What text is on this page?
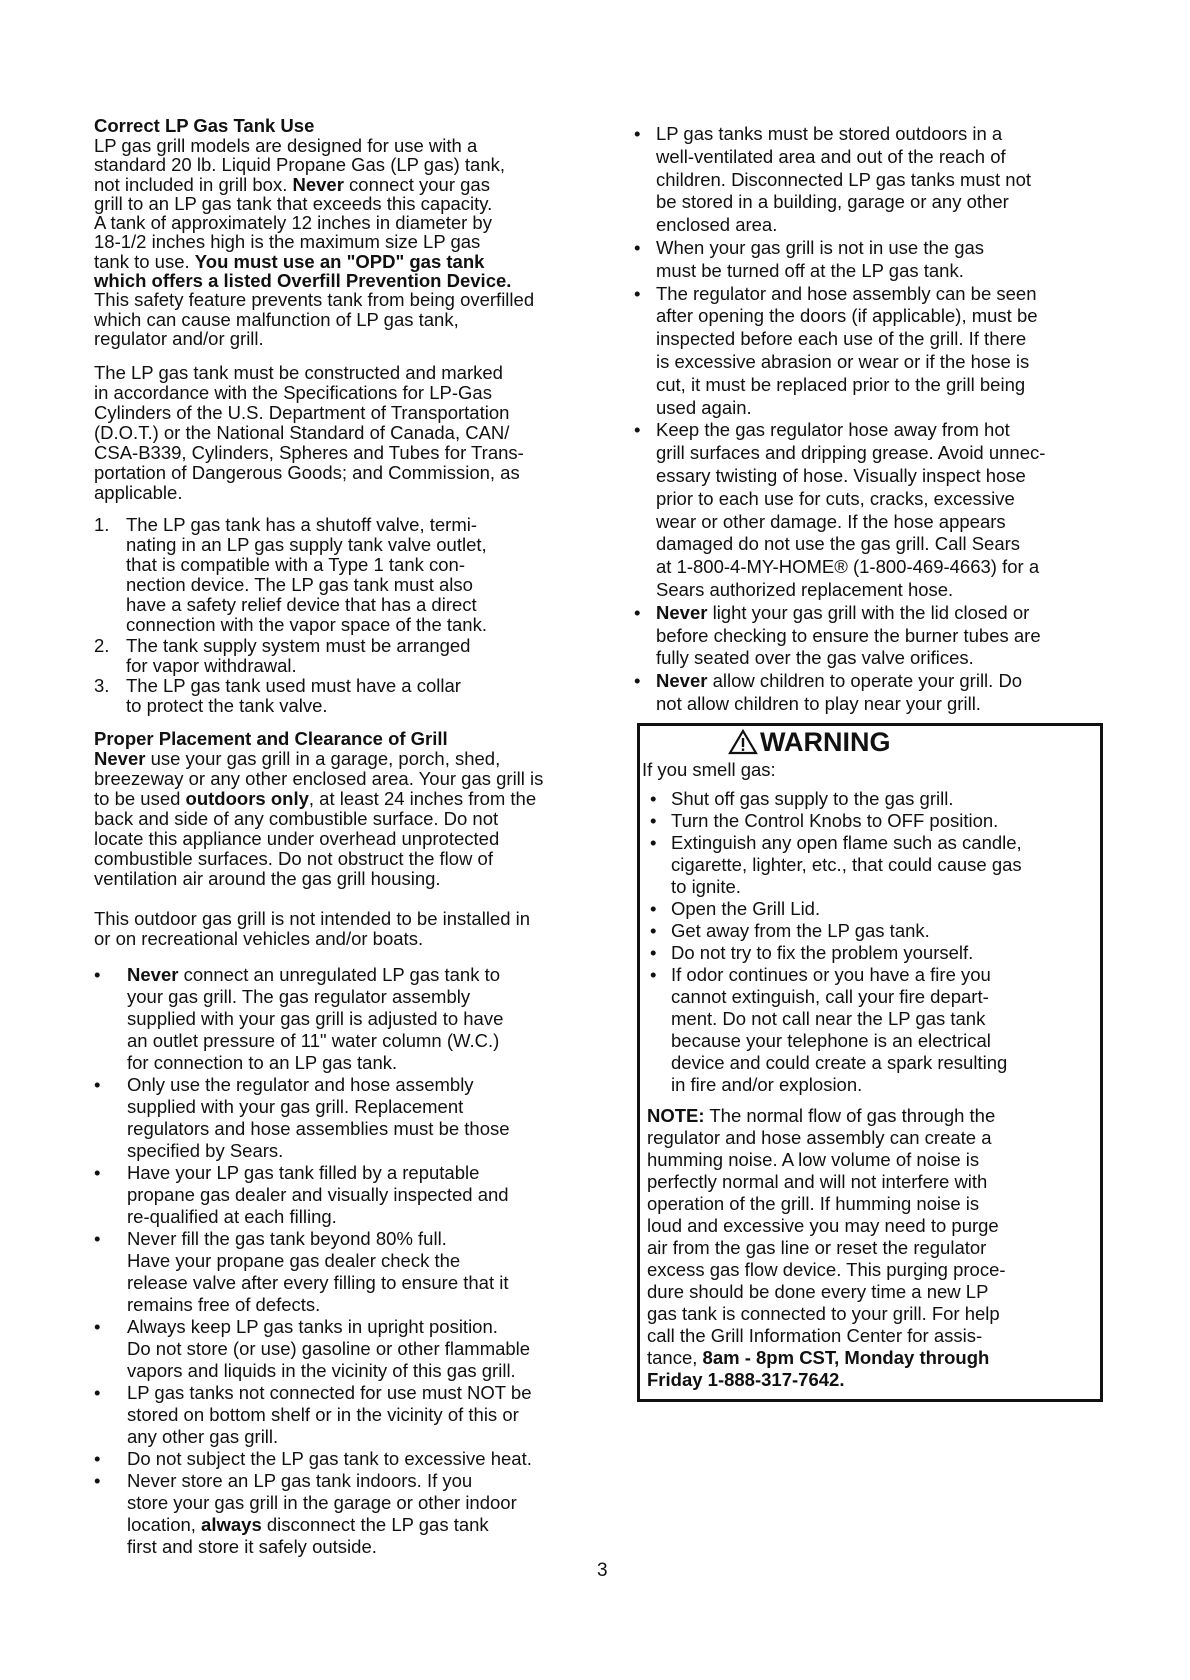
Correct LP Gas Tank Use
LP gas grill models are designed for use with a
standard 20 lb. Liquid Propane Gas (LP gas) tank,
not included in grill box. Never connect your gas
grill to an LP gas tank that exceeds this capacity.
A tank of approximately 12 inches in diameter by
18-1/2 inches high is the maximum size LP gas
tank to use. You must use an "OPD" gas tank
which offers a listed Overfill Prevention Device.
This safety feature prevents tank from being overfilled
which can cause malfunction of LP gas tank,
regulator and/or grill.
The LP gas tank must be constructed and marked
in accordance with the Specifications for LP-Gas
Cylinders of the U.S. Department of Transportation
(D.O.T.) or the National Standard of Canada, CAN/
CSA-B339, Cylinders, Spheres and Tubes for Trans-
portation of Dangerous Goods; and Commission, as
applicable.
1. The LP gas tank has a shutoff valve, termi-
nating in an LP gas supply tank valve outlet,
that is compatible with a Type 1 tank con-
nection device. The LP gas tank must also
have a safety relief device that has a direct
connection with the vapor space of the tank.
2. The tank supply system must be arranged
for vapor withdrawal.
3. The LP gas tank used must have a collar
to protect the tank valve.
Proper Placement and Clearance of Grill
Never use your gas grill in a garage, porch, shed,
breezeway or any other enclosed area. Your gas grill is
to be used outdoors only, at least 24 inches from the
back and side of any combustible surface. Do not
locate this appliance under overhead unprotected
combustible surfaces. Do not obstruct the flow of
ventilation air around the gas grill housing.
This outdoor gas grill is not intended to be installed in
or on recreational vehicles and/or boats.
• Never connect an unregulated LP gas tank to
your gas grill. The gas regulator assembly
supplied with your gas grill is adjusted to have
an outlet pressure of 11" water column (W.C.)
for connection to an LP gas tank.
• Only use the regulator and hose assembly
supplied with your gas grill. Replacement
regulators and hose assemblies must be those
specified by Sears.
• Have your LP gas tank filled by a reputable
propane gas dealer and visually inspected and
re-qualified at each filling.
• Never fill the gas tank beyond 80% full.
Have your propane gas dealer check the
release valve after every filling to ensure that it
remains free of defects.
• Always keep LP gas tanks in upright position.
Do not store (or use) gasoline or other flammable
vapors and liquids in the vicinity of this gas grill.
• LP gas tanks not connected for use must NOT be
stored on bottom shelf or in the vicinity of this or
any other gas grill.
• Do not subject the LP gas tank to excessive heat.
• Never store an LP gas tank indoors. If you
store your gas grill in the garage or other indoor
location, always disconnect the LP gas tank
first and store it safely outside.
• LP gas tanks must be stored outdoors in a
well-ventilated area and out of the reach of
children. Disconnected LP gas tanks must not
be stored in a building, garage or any other
enclosed area.
• When your gas grill is not in use the gas
must be turned off at the LP gas tank.
• The regulator and hose assembly can be seen
after opening the doors (if applicable), must be
inspected before each use of the grill. If there
is excessive abrasion or wear or if the hose is
cut, it must be replaced prior to the grill being
used again.
• Keep the gas regulator hose away from hot
grill surfaces and dripping grease. Avoid unnec-
essary twisting of hose. Visually inspect hose
prior to each use for cuts, cracks, excessive
wear or other damage. If the hose appears
damaged do not use the gas grill. Call Sears
at 1-800-4-MY-HOME® (1-800-469-4663) for a
Sears authorized replacement hose.
• Never light your gas grill with the lid closed or
before checking to ensure the burner tubes are
fully seated over the gas valve orifices.
• Never allow children to operate your grill. Do
not allow children to play near your grill.
WARNING
If you smell gas:
• Shut off gas supply to the gas grill.
• Turn the Control Knobs to OFF position.
• Extinguish any open flame such as candle,
cigarette, lighter, etc., that could cause gas
to ignite.
• Open the Grill Lid.
• Get away from the LP gas tank.
• Do not try to fix the problem yourself.
• If odor continues or you have a fire you
cannot extinguish, call your fire depart-
ment. Do not call near the LP gas tank
because your telephone is an electrical
device and could create a spark resulting
in fire and/or explosion.
NOTE: The normal flow of gas through the
regulator and hose assembly can create a
humming noise. A low volume of noise is
perfectly normal and will not interfere with
operation of the grill. If humming noise is
loud and excessive you may need to purge
air from the gas line or reset the regulator
excess gas flow device. This purging proce-
dure should be done every time a new LP
gas tank is connected to your grill. For help
call the Grill Information Center for assis-
tance, 8am - 8pm CST, Monday through
Friday 1-888-317-7642.
3
